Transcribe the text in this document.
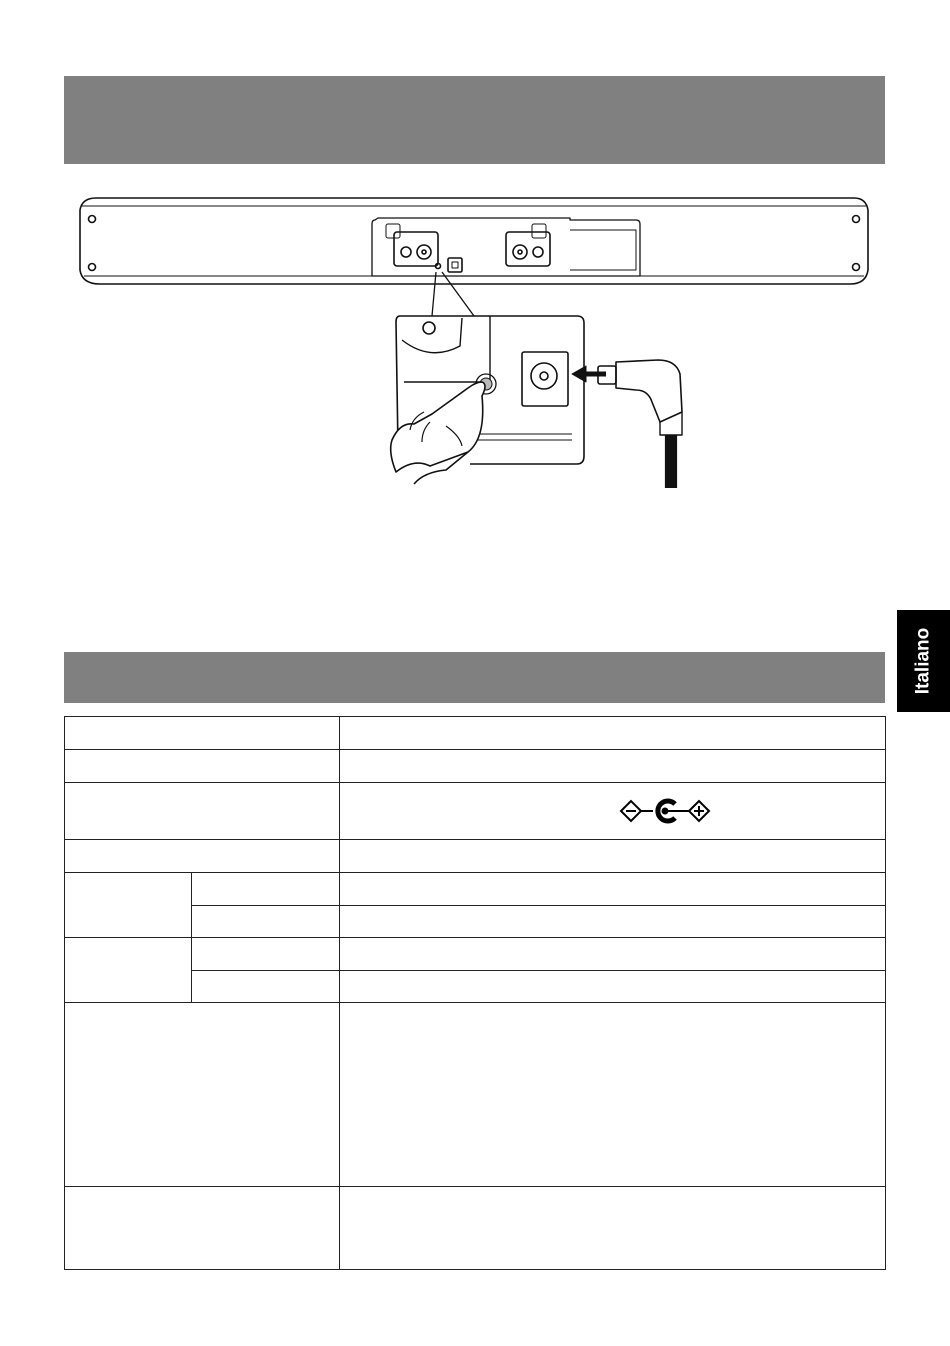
Italiano
